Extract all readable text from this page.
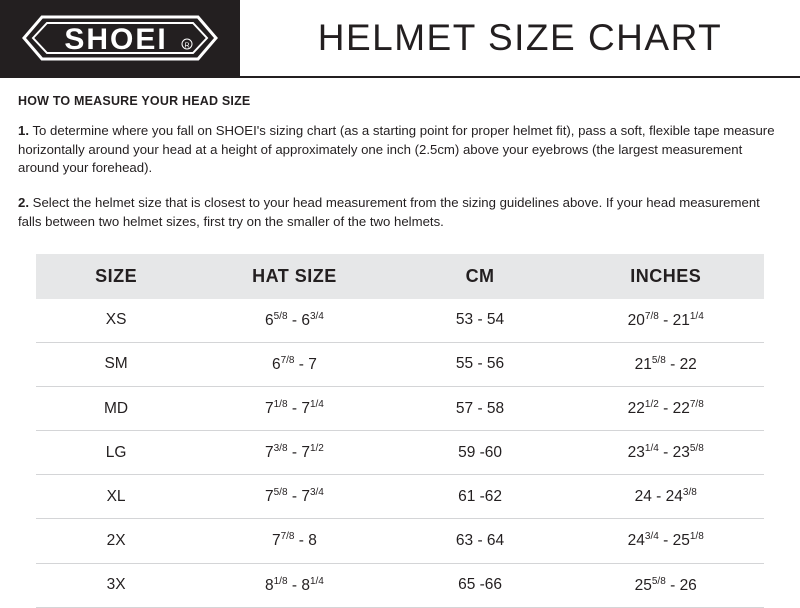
SHOEI R	HELMET SIZE CHART

HOW TO MEASURE YOUR HEAD SIZE

1. To determine where you fall on SHOEI's sizing chart (as a starting point for proper helmet fit), pass a soft, flexible tape measure horizontally around your head at a height of approximately one inch (2.5cm) above your eyebrows (the largest measurement around your forehead).

2. Select the helmet size that is closest to your head measurement from the sizing guidelines above. If your head measurement falls between two helmet sizes, first try on the smaller of the two helmets.

SIZE	HAT SIZE	CM	INCHES
XS	$6^{5/8} - 6^{3/4}$	53 - 54	$20^{7/8} - 21^{1/4}$
SM	$6^{7/8} - 7$	55 - 56	$21^{5/8} - 22$
MD	$7^{1/8} - 7^{1/4}$	57 - 58	$22^{1/2} - 22^{7/8}$
LG	$7^{3/8} - 7^{1/2}$	59 -60	$23^{1/4} - 23^{5/8}$
XL	$7^{5/8} - 7^{3/4}$	61 -62	$24 - 24^{3/8}$
2X	$7^{7/8} - 8$	63 - 64	$24^{3/4} - 25^{1/8}$
3X	$8^{1/8} - 8^{1/4}$	65 -66	$25^{5/8} - 26$
